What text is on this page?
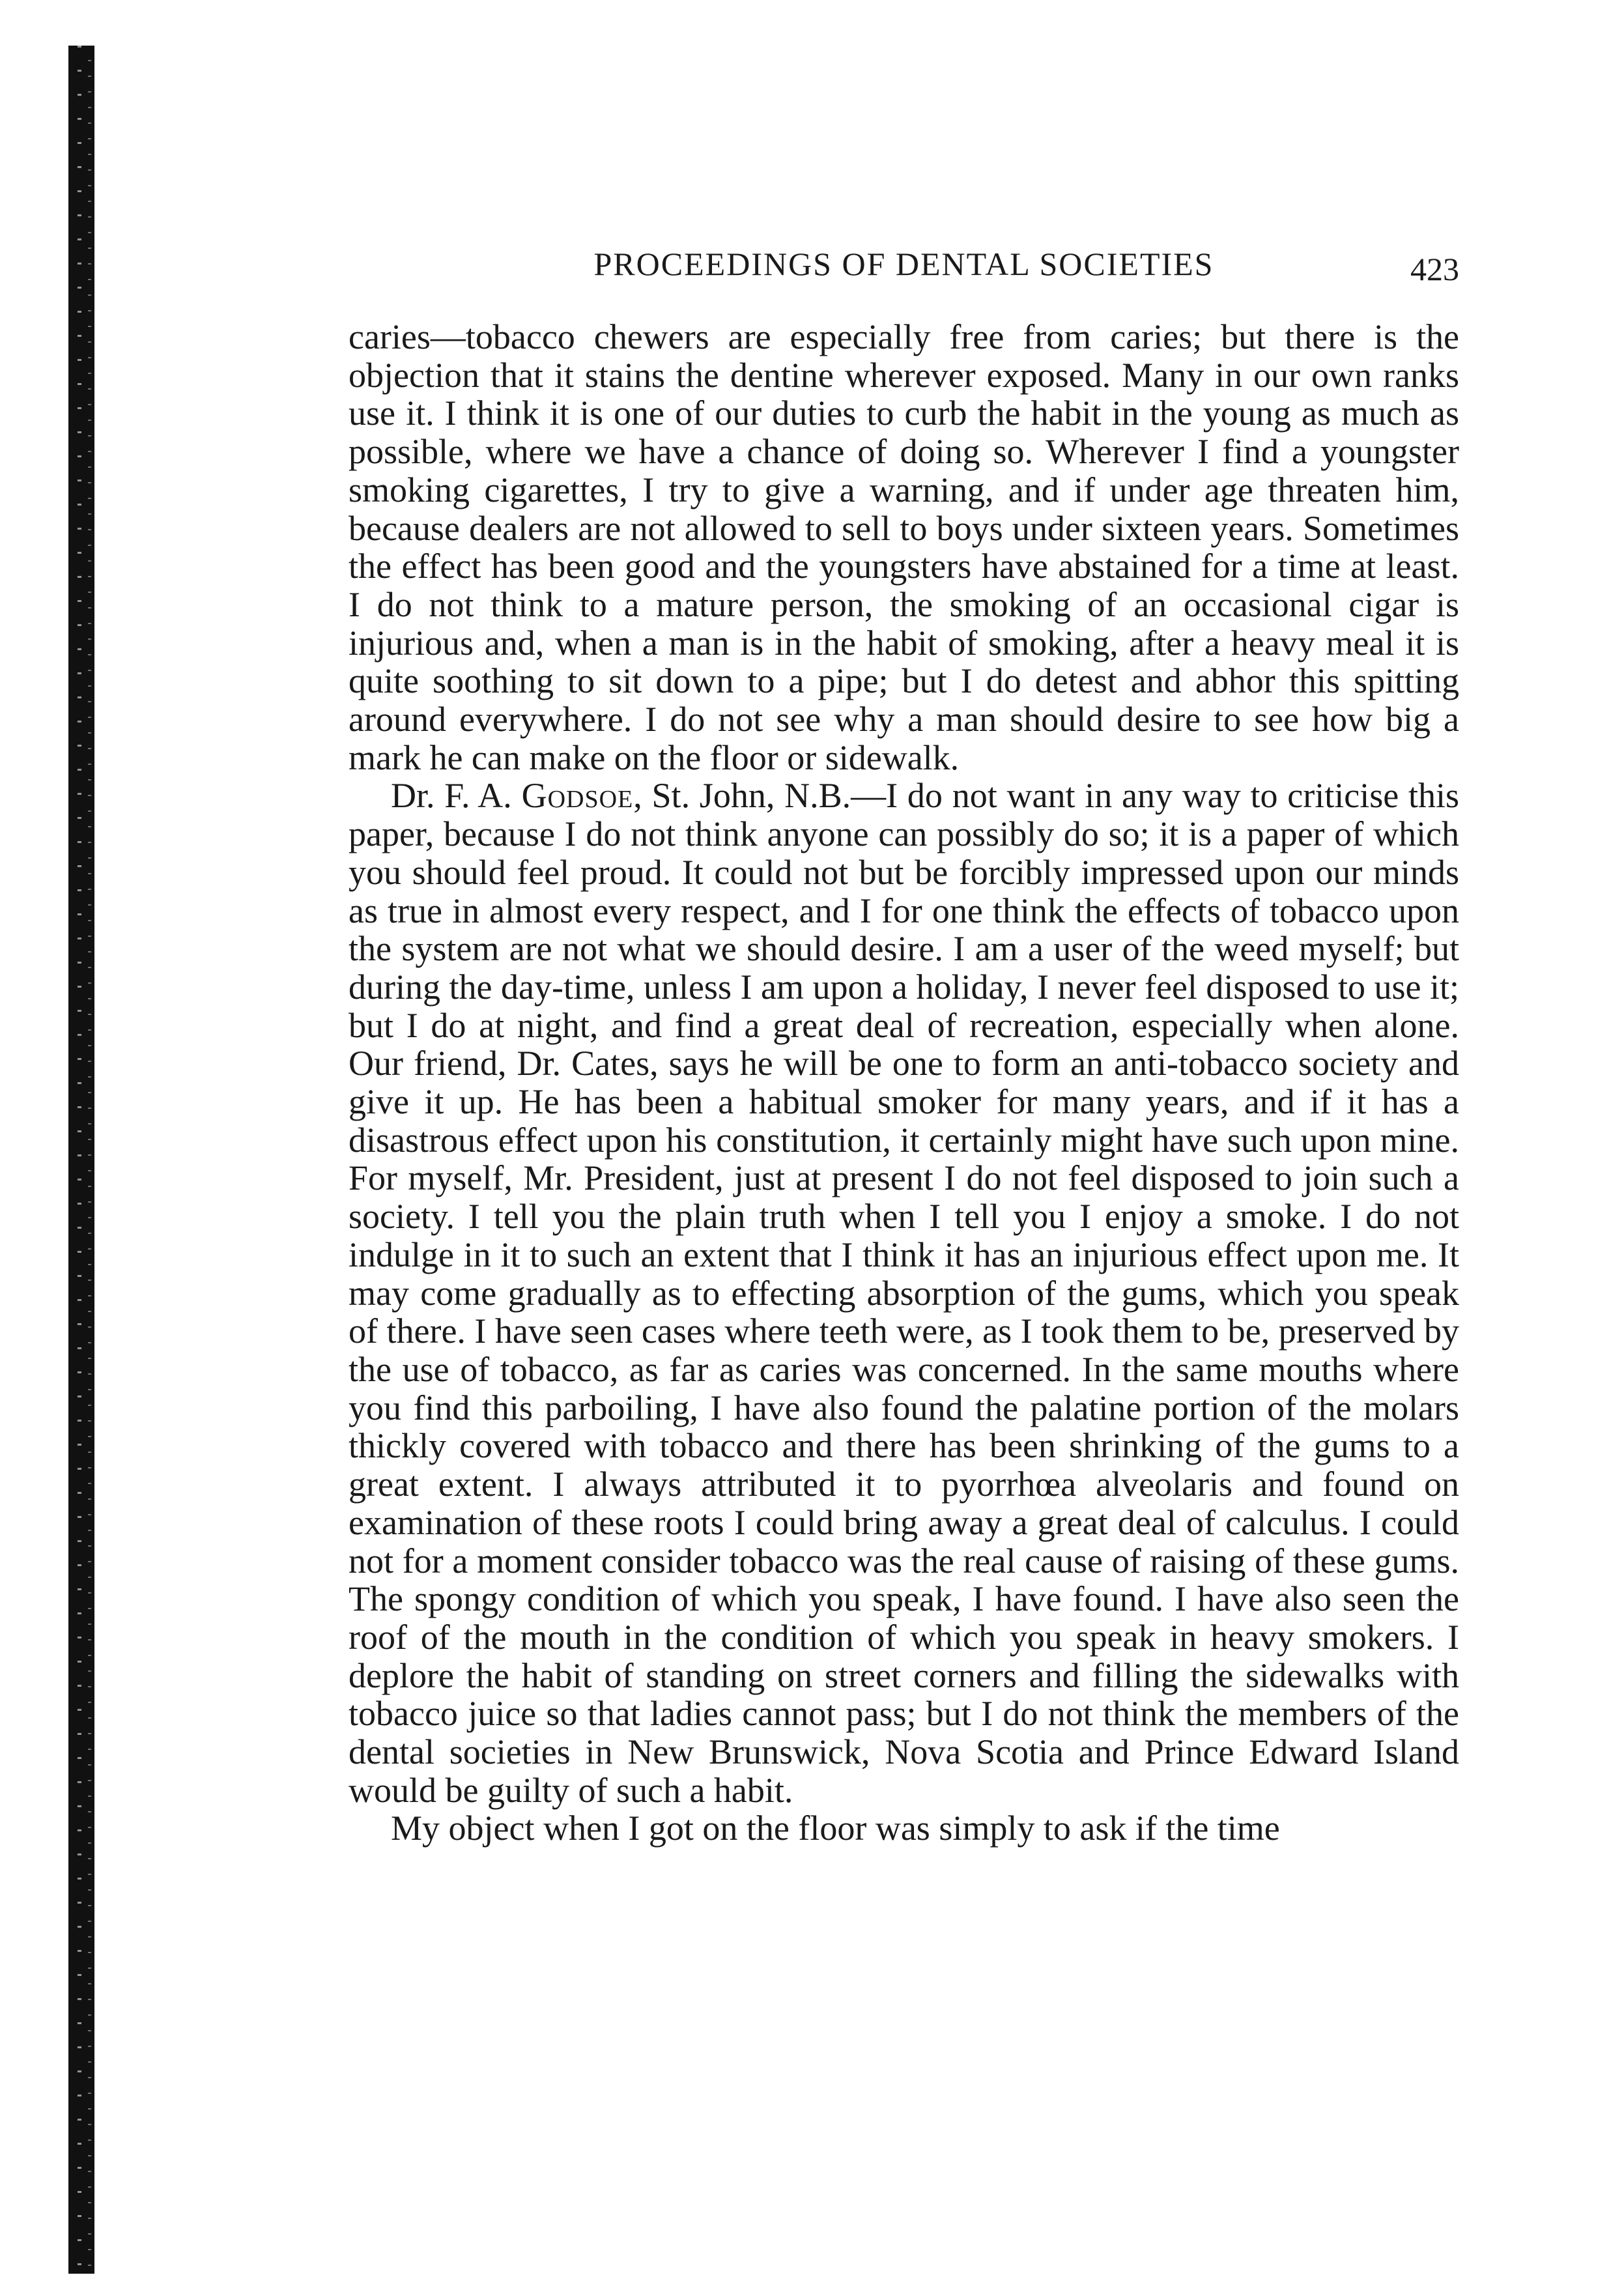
PROCEEDINGS OF DENTAL SOCIETIES	423

caries—tobacco chewers are especially free from caries; but there is the objection that it stains the dentine wherever exposed. Many in our own ranks use it. I think it is one of our duties to curb the habit in the young as much as possible, where we have a chance of doing so. Wherever I find a youngster smoking cigarettes, I try to give a warning, and if under age threaten him, because dealers are not allowed to sell to boys under sixteen years. Sometimes the effect has been good and the youngsters have abstained for a time at least. I do not think to a mature person, the smoking of an occasional cigar is injurious and, when a man is in the habit of smoking, after a heavy meal it is quite soothing to sit down to a pipe; but I do detest and abhor this spitting around everywhere. I do not see why a man should desire to see how big a mark he can make on the floor or sidewalk.

Dr. F. A. Godsoe, St. John, N.B.—I do not want in any way to criticise this paper, because I do not think anyone can possibly do so; it is a paper of which you should feel proud. It could not but be forcibly impressed upon our minds as true in almost every respect, and I for one think the effects of tobacco upon the system are not what we should desire. I am a user of the weed myself; but during the day-time, unless I am upon a holiday, I never feel disposed to use it; but I do at night, and find a great deal of recreation, especially when alone. Our friend, Dr. Cates, says he will be one to form an anti-tobacco society and give it up. He has been a habitual smoker for many years, and if it has a disastrous effect upon his constitution, it certainly might have such upon mine. For myself, Mr. President, just at present I do not feel disposed to join such a society. I tell you the plain truth when I tell you I enjoy a smoke. I do not indulge in it to such an extent that I think it has an injurious effect upon me. It may come gradually as to effecting absorption of the gums, which you speak of there. I have seen cases where teeth were, as I took them to be, preserved by the use of tobacco, as far as caries was concerned. In the same mouths where you find this parboiling, I have also found the palatine portion of the molars thickly covered with tobacco and there has been shrinking of the gums to a great extent. I always attributed it to pyorrhœa alveolaris and found on examination of these roots I could bring away a great deal of calculus. I could not for a moment consider tobacco was the real cause of raising of these gums. The spongy condition of which you speak, I have found. I have also seen the roof of the mouth in the condition of which you speak in heavy smokers. I deplore the habit of standing on street corners and filling the sidewalks with tobacco juice so that ladies cannot pass; but I do not think the members of the dental societies in New Brunswick, Nova Scotia and Prince Edward Island would be guilty of such a habit.

My object when I got on the floor was simply to ask if the time
